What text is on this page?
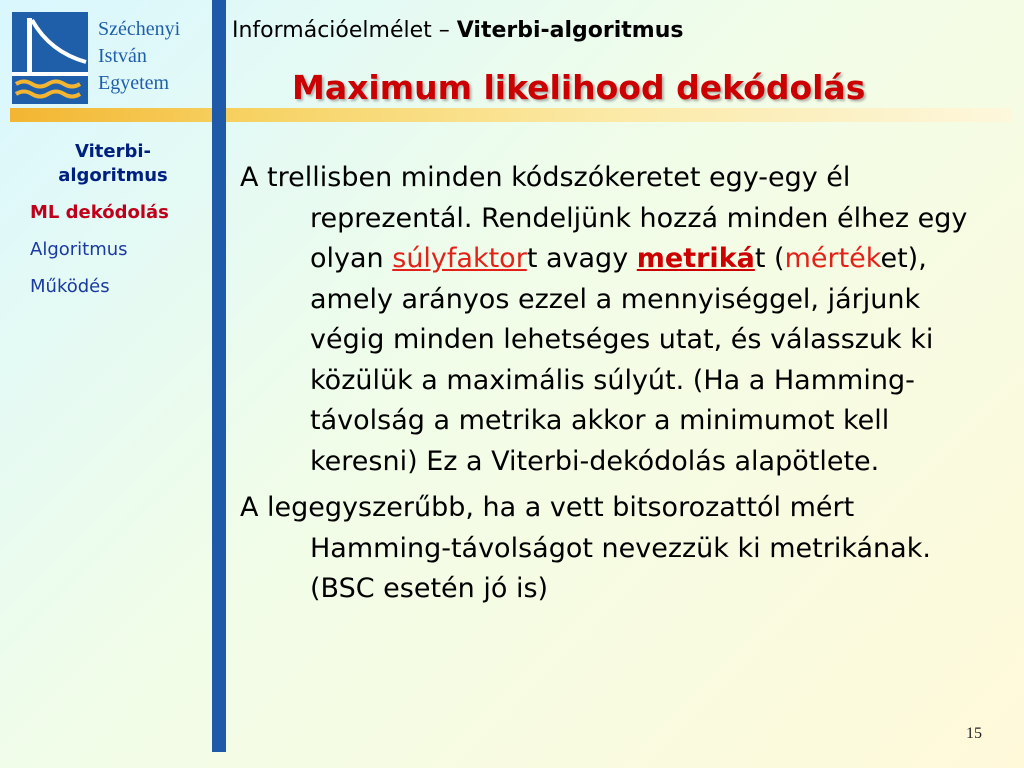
Széchenyi
István
Egyetem
Információelmélet – Viterbi-algoritmus
Maximum likelihood dekódolás
Viterbi-
algoritmus
ML dekódolás
Algoritmus
Működés
A trellisben minden kódszókeretet egy-egy él reprezentál. Rendeljünk hozzá minden élhez egy olyan súlyfaktort avagy metrikát (mértéket), amely arányos ezzel a mennyiséggel, járjunk végig minden lehetséges utat, és válasszuk ki közülük a maximális súlyút. (Ha a Hamming-távolság a metrika akkor a minimumot kell keresni) Ez a Viterbi-dekódolás alapötlete.
A legegyszerűbb, ha a vett bitsorozattól mért Hamming-távolságot nevezzük ki metrikának. (BSC esetén jó is)
15
